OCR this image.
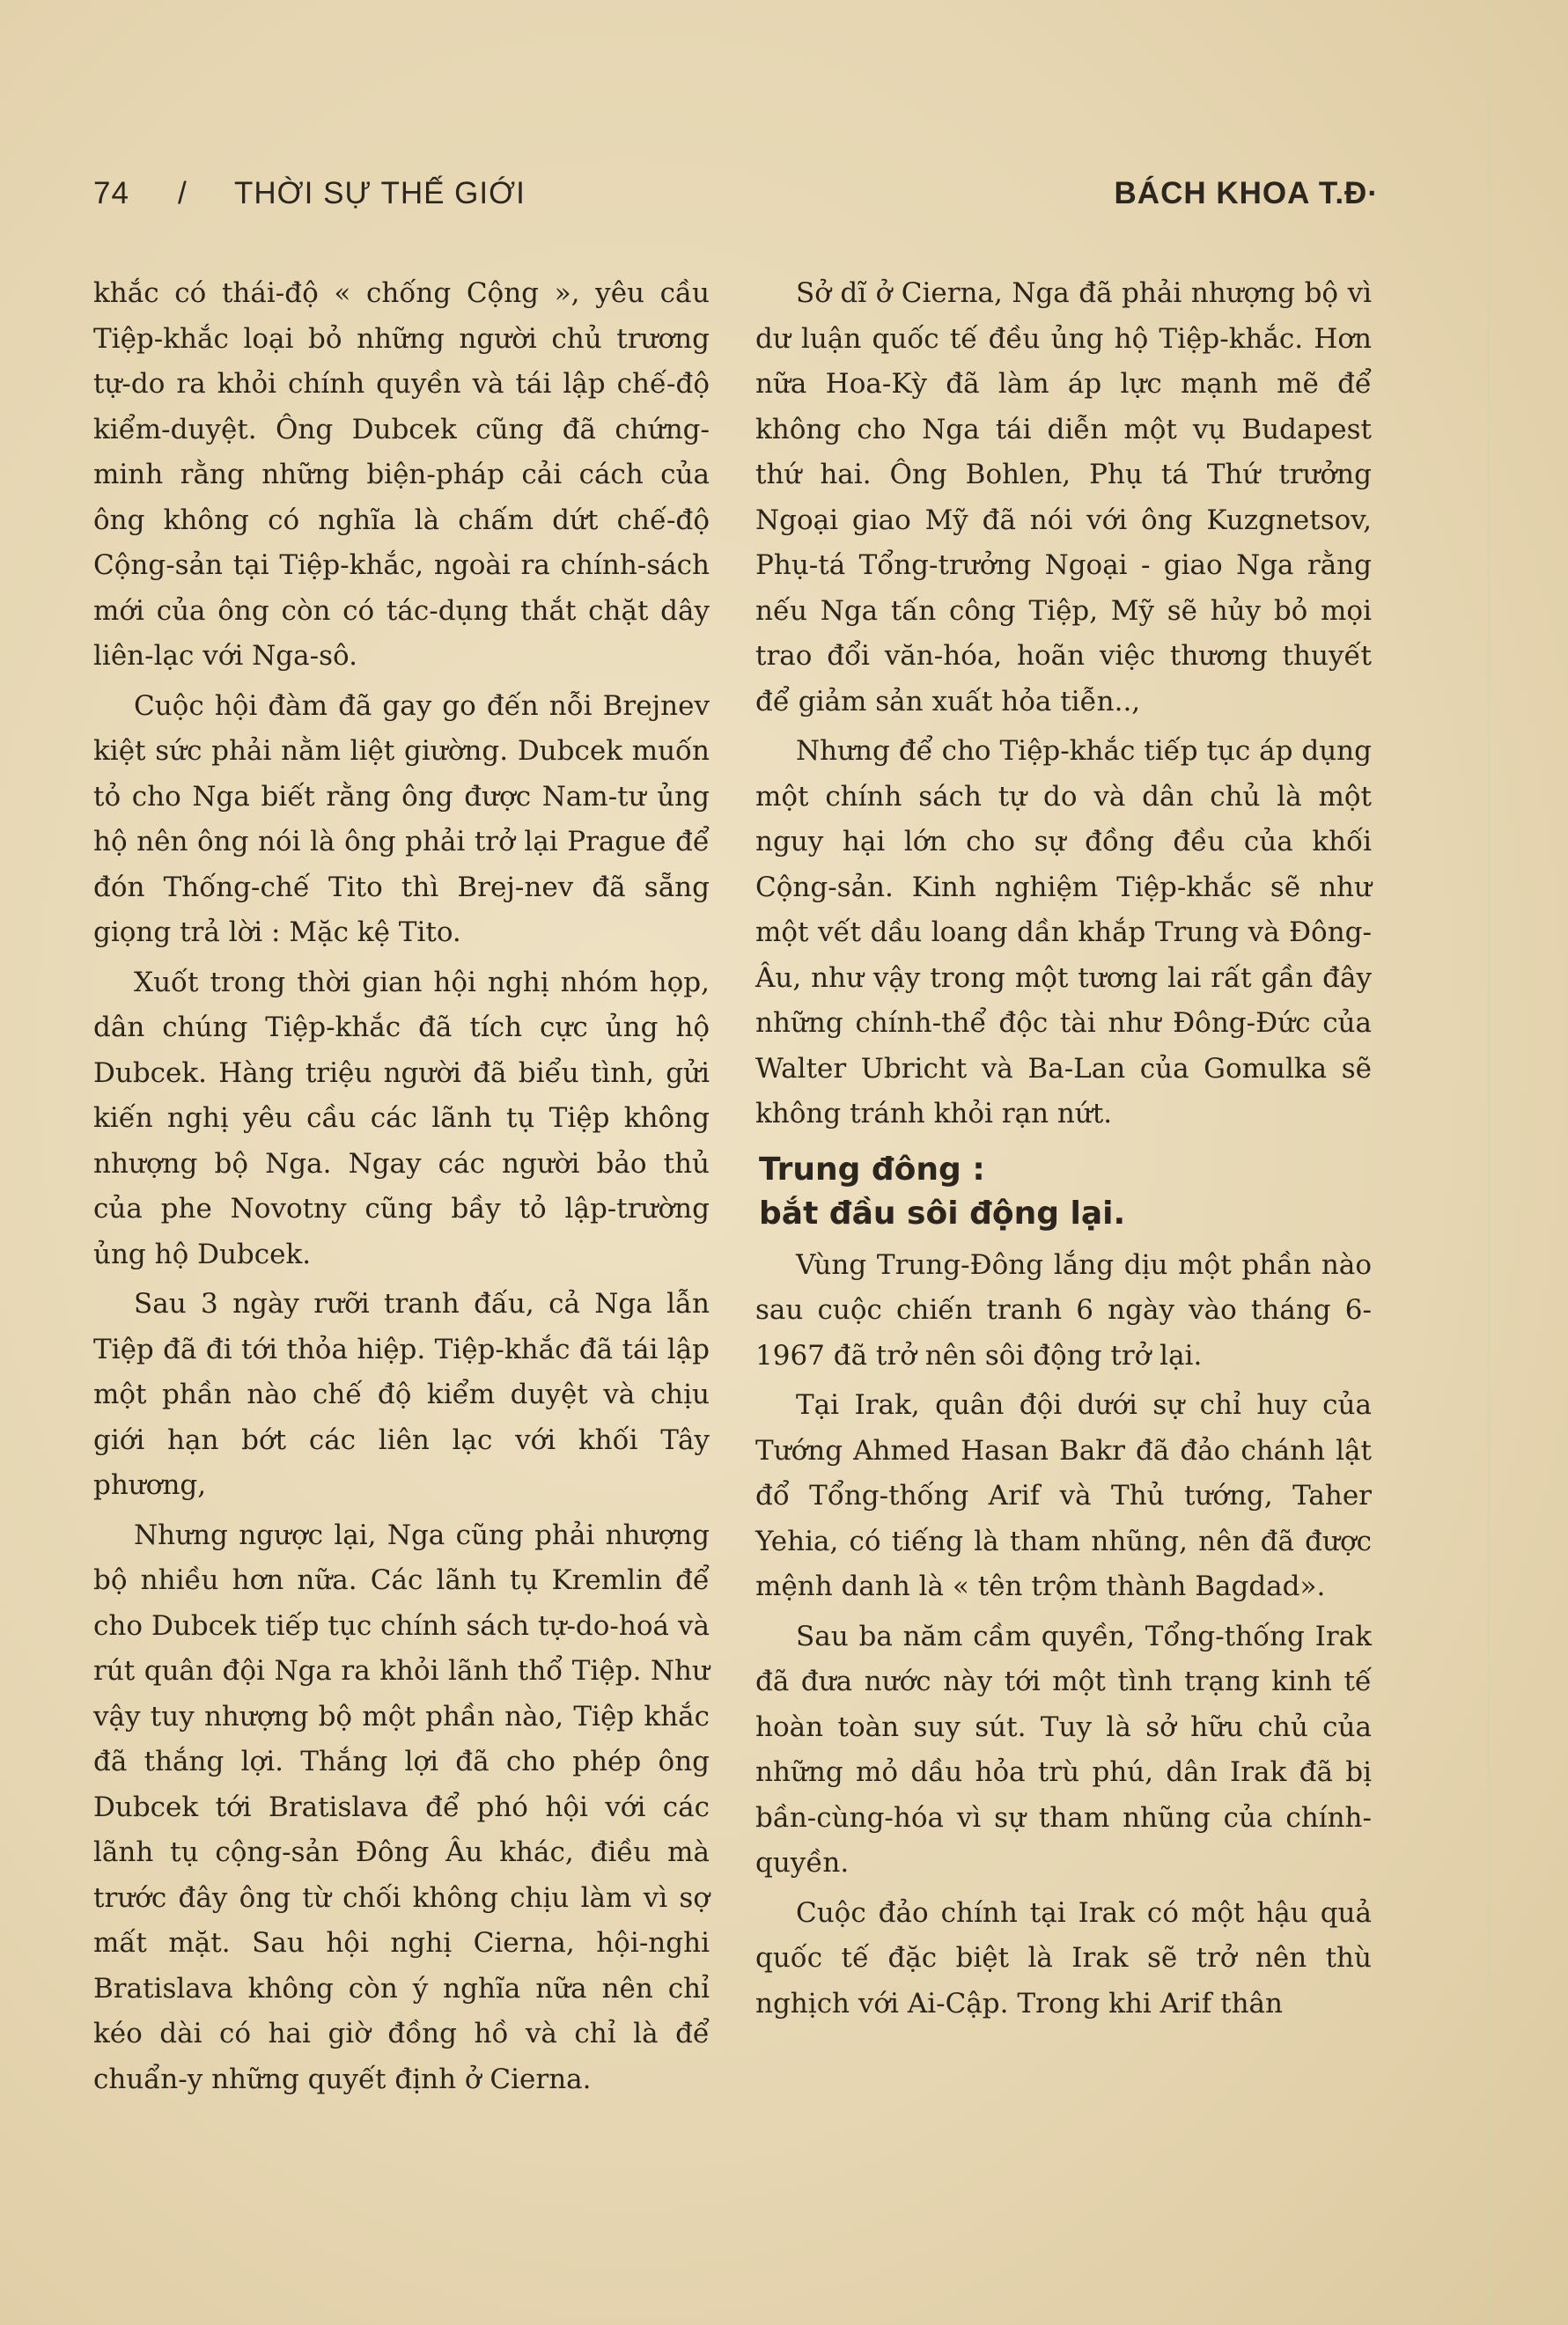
74 / THỜI SỰ THẾ GIỚI	BÁCH KHOA T.Đ·

khắc có thái-độ « chống Cộng », yêu cầu Tiệp-khắc loại bỏ những người chủ trương tự-do ra khỏi chính quyền và tái lập chế-độ kiểm-duyệt. Ông Dubcek cũng đã chứng-minh rằng những biện-pháp cải cách của ông không có nghĩa là chấm dứt chế-độ Cộng-sản tại Tiệp-khắc, ngoài ra chính-sách mới của ông còn có tác-dụng thắt chặt dây liên-lạc với Nga-sô.

Cuộc hội đàm đã gay go đến nỗi Brejnev kiệt sức phải nằm liệt giường. Dubcek muốn tỏ cho Nga biết rằng ông được Nam-tư ủng hộ nên ông nói là ông phải trở lại Prague để đón Thống-chế Tito thì Brej-nev đã sẵng giọng trả lời : Mặc kệ Tito.

Xuốt trong thời gian hội nghị nhóm họp, dân chúng Tiệp-khắc đã tích cực ủng hộ Dubcek. Hàng triệu người đã biểu tình, gửi kiến nghị yêu cầu các lãnh tụ Tiệp không nhượng bộ Nga. Ngay các người bảo thủ của phe Novotny cũng bầy tỏ lập-trường ủng hộ Dubcek.

Sau 3 ngày rưỡi tranh đấu, cả Nga lẫn Tiệp đã đi tới thỏa hiệp. Tiệp-khắc đã tái lập một phần nào chế độ kiểm duyệt và chịu giới hạn bớt các liên lạc với khối Tây phương,

Nhưng ngược lại, Nga cũng phải nhượng bộ nhiều hơn nữa. Các lãnh tụ Kremlin để cho Dubcek tiếp tục chính sách tự-do-hoá và rút quân đội Nga ra khỏi lãnh thổ Tiệp. Như vậy tuy nhượng bộ một phần nào, Tiệp khắc đã thắng lợi. Thắng lợi đã cho phép ông Dubcek tới Bratislava để phó hội với các lãnh tụ cộng-sản Đông Âu khác, điều mà trước đây ông từ chối không chịu làm vì sợ mất mặt. Sau hội nghị Cierna, hội-nghi Bratislava không còn ý nghĩa nữa nên chỉ kéo dài có hai giờ đồng hồ và chỉ là để chuẩn-y những quyết định ở Cierna.

Sở dĩ ở Cierna, Nga đã phải nhượng bộ vì dư luận quốc tế đều ủng hộ Tiệp-khắc. Hơn nữa Hoa-Kỳ đã làm áp lực mạnh mẽ để không cho Nga tái diễn một vụ Budapest thứ hai. Ông Bohlen, Phụ tá Thứ trưởng Ngoại giao Mỹ đã nói với ông Kuzgnetsov, Phụ-tá Tổng-trưởng Ngoại - giao Nga rằng nếu Nga tấn công Tiệp, Mỹ sẽ hủy bỏ mọi trao đổi văn-hóa, hoãn việc thương thuyết để giảm sản xuất hỏa tiễn..,

Nhưng để cho Tiệp-khắc tiếp tục áp dụng một chính sách tự do và dân chủ là một nguy hại lớn cho sự đồng đều của khối Cộng-sản. Kinh nghiệm Tiệp-khắc sẽ như một vết dầu loang dần khắp Trung và Đông-Âu, như vậy trong một tương lai rất gần đây những chính-thể độc tài như Đông-Đức của Walter Ubricht và Ba-Lan của Gomulka sẽ không tránh khỏi rạn nứt.

Trung đông :
bắt đầu sôi động lại.

Vùng Trung-Đông lắng dịu một phần nào sau cuộc chiến tranh 6 ngày vào tháng 6-1967 đã trở nên sôi động trở lại.

Tại Irak, quân đội dưới sự chỉ huy của Tướng Ahmed Hasan Bakr đã đảo chánh lật đổ Tổng-thống Arif và Thủ tướng, Taher Yehia, có tiếng là tham nhũng, nên đã được mệnh danh là « tên trộm thành Bagdad».

Sau ba năm cầm quyền, Tổng-thống Irak đã đưa nước này tới một tình trạng kinh tế hoàn toàn suy sút. Tuy là sở hữu chủ của những mỏ dầu hỏa trù phú, dân Irak đã bị bần-cùng-hóa vì sự tham nhũng của chính-quyền.

Cuộc đảo chính tại Irak có một hậu quả quốc tế đặc biệt là Irak sẽ trở nên thù nghịch với Ai-Cập. Trong khi Arif thân
